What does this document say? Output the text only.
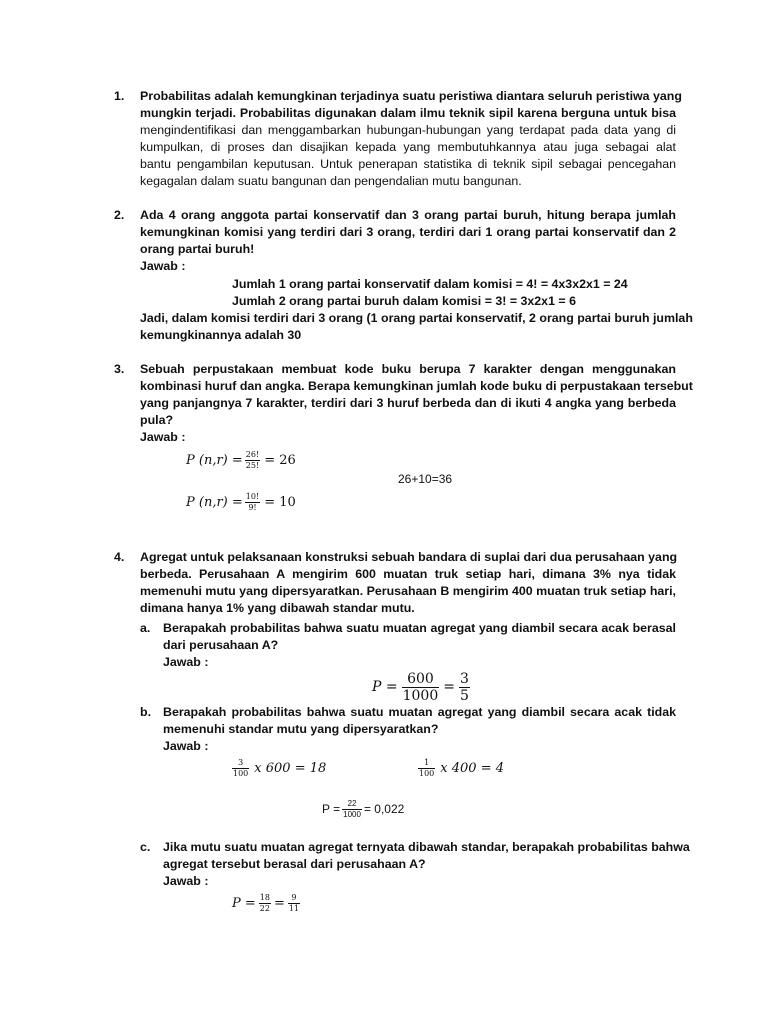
1. Probabilitas adalah kemungkinan terjadinya suatu peristiwa diantara seluruh peristiwa yang
mungkin terjadi. Probabilitas digunakan dalam ilmu teknik sipil karena berguna untuk bisa
mengindentifikasi dan menggambarkan hubungan-hubungan yang terdapat pada data yang di
kumpulkan, di proses dan disajikan kepada yang membutuhkannya atau juga sebagai alat
bantu pengambilan keputusan. Untuk penerapan statistika di teknik sipil sebagai pencegahan
kegagalan dalam suatu bangunan dan pengendalian mutu bangunan.
2. Ada 4 orang anggota partai konservatif dan 3 orang partai buruh, hitung berapa jumlah
kemungkinan komisi yang terdiri dari 3 orang, terdiri dari 1 orang partai konservatif dan 2
orang partai buruh!
Jawab :
Jumlah 1 orang partai konservatif dalam komisi = 4! = 4x3x2x1 = 24
Jumlah 2 orang partai buruh dalam komisi = 3! = 3x2x1 = 6
Jadi, dalam komisi terdiri dari 3 orang (1 orang partai konservatif, 2 orang partai buruh jumlah
kemungkinannya adalah 30
3. Sebuah perpustakaan membuat kode buku berupa 7 karakter dengan menggunakan
kombinasi huruf dan angka. Berapa kemungkinan jumlah kode buku di perpustakaan tersebut
yang panjangnya 7 karakter, terdiri dari 3 huruf berbeda dan di ikuti 4 angka yang berbeda
pula?
Jawab :
P $(n,r) = \frac{26!}{25!} = 26$
26+10=36
P $(n,r) = \frac{10!}{9!} = 10$
4. Agregat untuk pelaksanaan konstruksi sebuah bandara di suplai dari dua perusahaan yang
berbeda. Perusahaan A mengirim 600 muatan truk setiap hari, dimana 3% nya tidak
memenuhi mutu yang dipersyaratkan. Perusahaan B mengirim 400 muatan truk setiap hari,
dimana hanya 1% yang dibawah standar mutu.
a. Berapakah probabilitas bahwa suatu muatan agregat yang diambil secara acak berasal
dari perusahaan A?
Jawab :
$P = \frac{600}{1000} = \frac{3}{5}$
b. Berapakah probabilitas bahwa suatu muatan agregat yang diambil secara acak tidak
memenuhi standar mutu yang dipersyaratkan?
Jawab :
$\frac{3}{100}$ x 600 = 18	$\frac{1}{100}$ x 400 = 4
$P = \frac{22}{1000} = 0,022$
c. Jika mutu suatu muatan agregat ternyata dibawah standar, berapakah probabilitas bahwa
agregat tersebut berasal dari perusahaan A?
Jawab :
$P = \frac{18}{22} = \frac{9}{11}$
